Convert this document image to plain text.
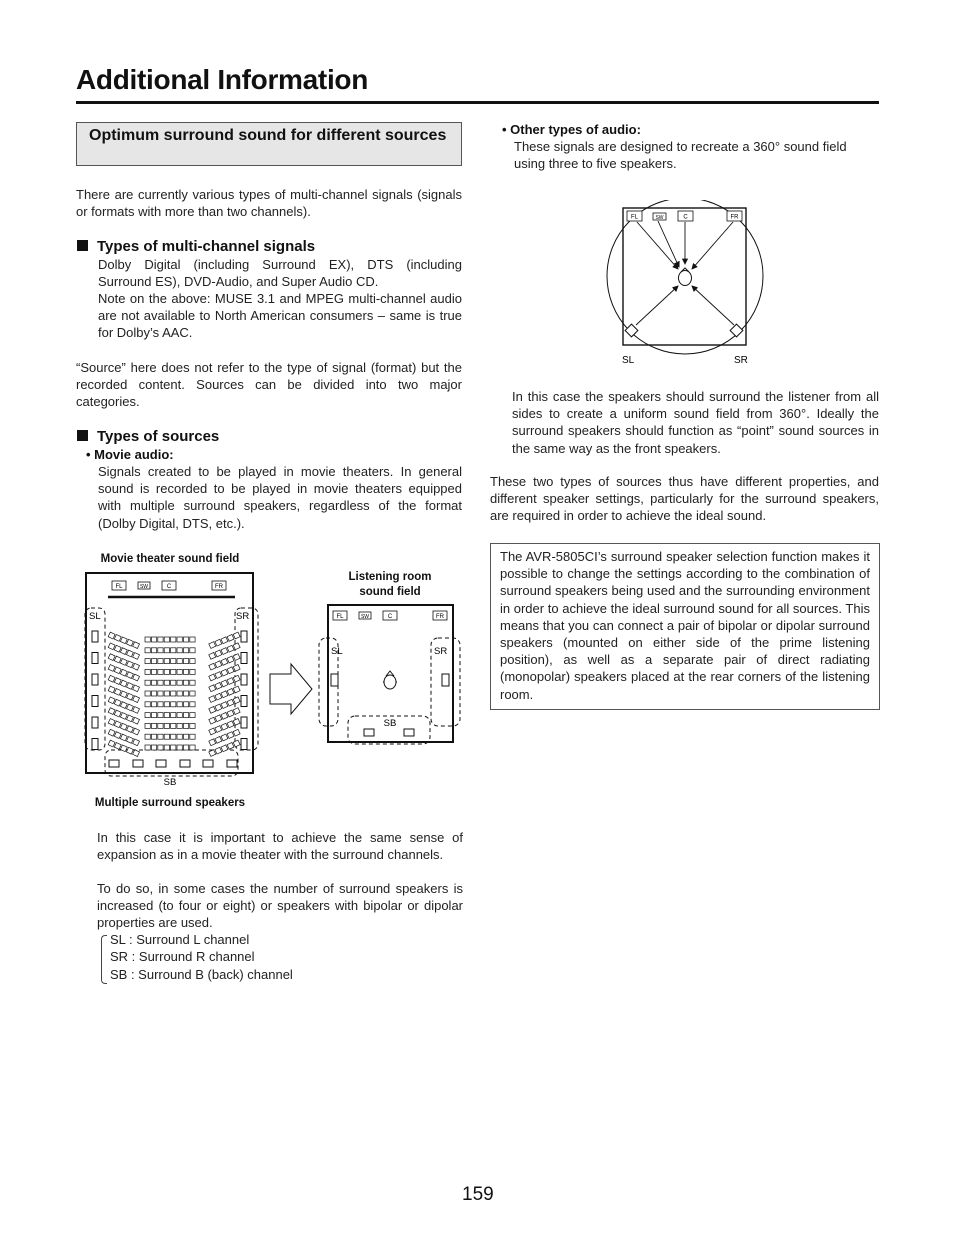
Additional Information
Optimum surround sound for different sources
There are currently various types of multi-channel signals (signals or formats with more than two channels).
Types of multi-channel signals
Dolby Digital (including Surround EX), DTS (including Surround ES), DVD-Audio, and Super Audio CD.
Note on the above: MUSE 3.1 and MPEG multi-channel audio are not available to North American consumers – same is true for Dolby’s AAC.
“Source” here does not refer to the type of signal (format) but the recorded content. Sources can be divided into two major categories.
Types of sources
• Movie audio:
Signals created to be played in movie theaters. In general sound is recorded to be played in movie theaters equipped with multiple surround speakers, regardless of the format (Dolby Digital, DTS, etc.).
Movie theater sound field
Listening room sound field
Multiple surround speakers
FL	SW	C	FR
SL	SR
SB
FL	SW	C	FR
SL	SR
SB
• Other types of audio:
These signals are designed to recreate a 360° sound field using three to five speakers.
FL	SW	C	FR
SL	SR
In this case the speakers should surround the listener from all sides to create a uniform sound field from 360°. Ideally the surround speakers should function as “point” sound sources in the same way as the front speakers.
These two types of sources thus have different properties, and different speaker settings, particularly for the surround speakers, are required in order to achieve the ideal sound.
The AVR-5805CI’s surround speaker selection function makes it possible to change the settings according to the combination of surround speakers being used and the surrounding environment in order to achieve the ideal surround sound for all sources. This means that you can connect a pair of bipolar or dipolar surround speakers (mounted on either side of the prime listening position), as well as a separate pair of direct radiating (monopolar) speakers placed at the rear corners of the listening room.
In this case it is important to achieve the same sense of expansion as in a movie theater with the surround channels.
To do so, in some cases the number of surround speakers is increased (to four or eight) or speakers with bipolar or dipolar properties are used.
SL : Surround L channel
SR : Surround R channel
SB : Surround B (back) channel
159
